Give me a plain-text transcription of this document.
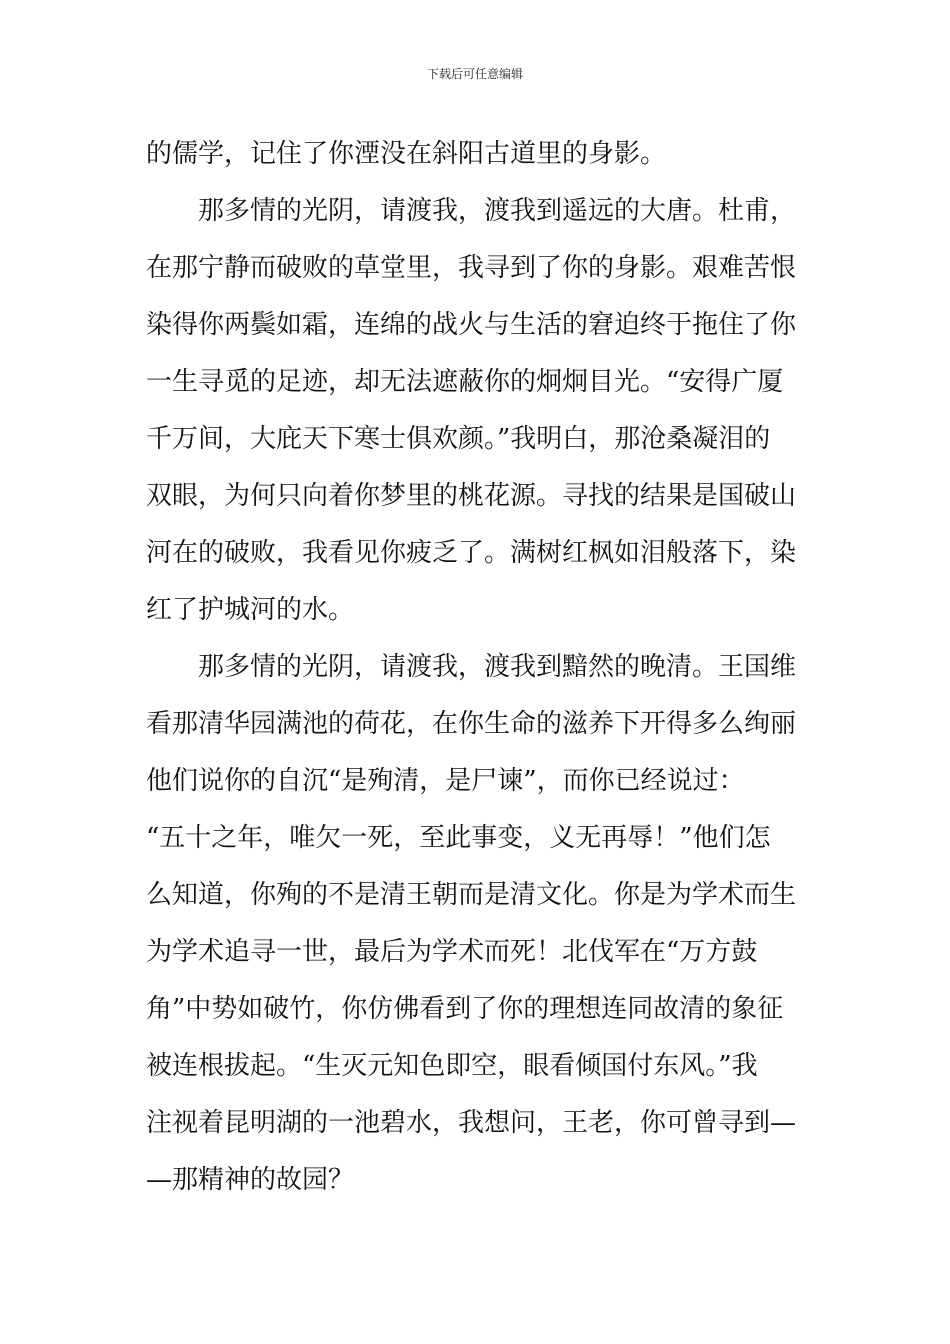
下载后可任意编辑
的儒学，记住了你湮没在斜阳古道里的身影。
那多情的光阴，请渡我，渡我到遥远的大唐。杜甫，
在那宁静而破败的草堂里，我寻到了你的身影。艰难苦恨
染得你两鬓如霜，连绵的战火与生活的窘迫终于拖住了你
一生寻觅的足迹，却无法遮蔽你的炯炯目光。“安得广厦
千万间，大庇天下寒士俱欢颜。”我明白，那沧桑凝泪的
双眼，为何只向着你梦里的桃花源。寻找的结果是国破山
河在的破败，我看见你疲乏了。满树红枫如泪般落下，染
红了护城河的水。
那多情的光阴，请渡我，渡我到黯然的晚清。王国维
看那清华园满池的荷花，在你生命的滋养下开得多么绚丽
他们说你的自沉“是殉清，是尸谏”，而你已经说过：
“五十之年，唯欠一死，至此事变，义无再辱！”他们怎
么知道，你殉的不是清王朝而是清文化。你是为学术而生
为学术追寻一世，最后为学术而死！北伐军在“万方鼓
角”中势如破竹，你仿佛看到了你的理想连同故清的象征
被连根拔起。“生灭元知色即空，眼看倾国付东风。”我
注视着昆明湖的一池碧水，我想问，王老，你可曾寻到—
—那精神的故园？
